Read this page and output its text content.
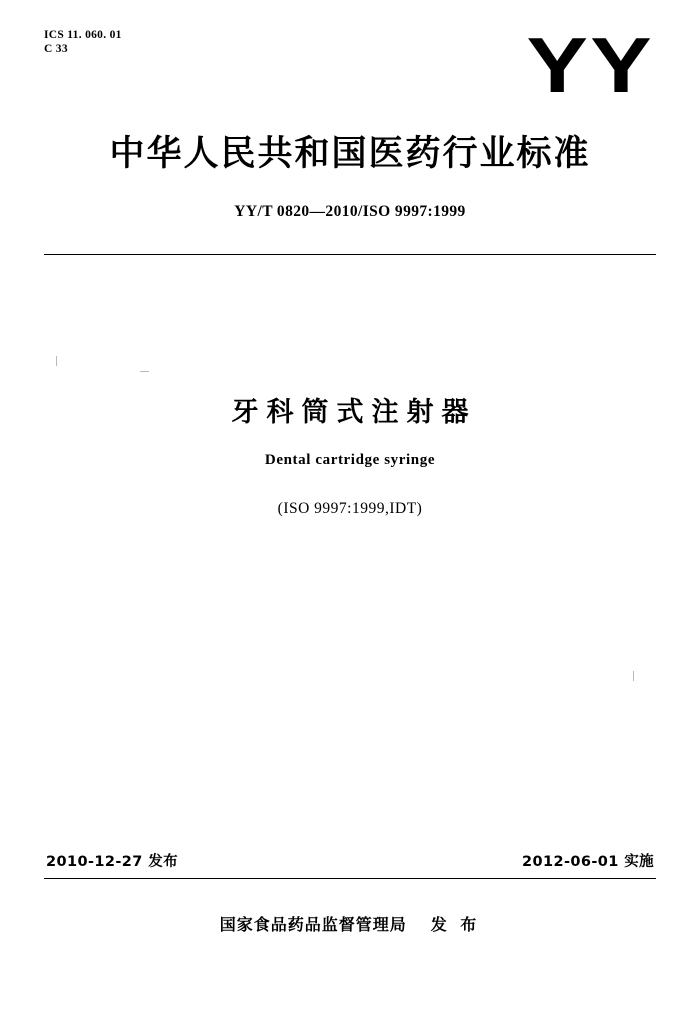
ICS 11. 060. 01
C 33	YY
中华人民共和国医药行业标准
YY/T 0820—2010/ISO 9997:1999
牙科筒式注射器
Dental cartridge syringe
(ISO 9997:1999,IDT)
2010-12-27 发布	2012-06-01 实施
国家食品药品监督管理局 发 布
